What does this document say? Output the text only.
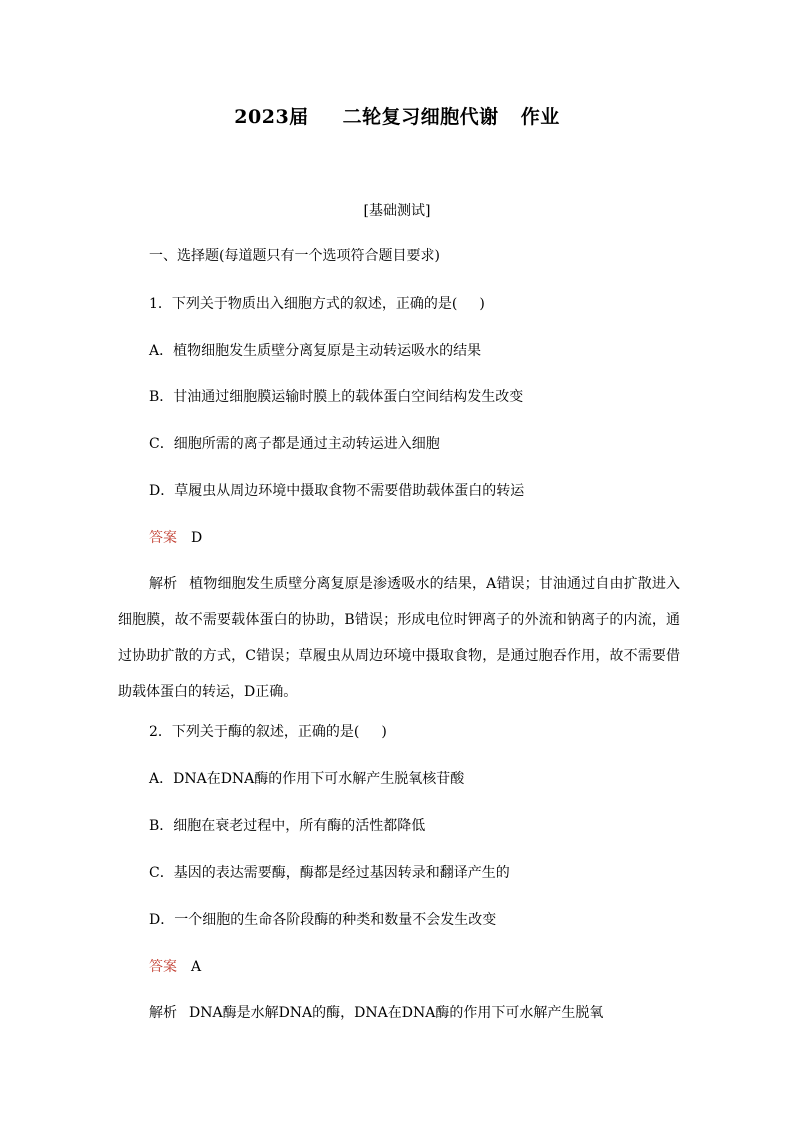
2023届 二轮复习细胞代谢 作业
[基础测试]
一、选择题(每道题只有一个选项符合题目要求)
1．下列关于物质出入细胞方式的叙述，正确的是( )
A．植物细胞发生质壁分离复原是主动转运吸水的结果
B．甘油通过细胞膜运输时膜上的载体蛋白空间结构发生改变
C．细胞所需的离子都是通过主动转运进入细胞
D．草履虫从周边环境中摄取食物不需要借助载体蛋白的转运
答案 D
解析 植物细胞发生质壁分离复原是渗透吸水的结果，A错误；甘油通过自由扩散进入细胞膜，故不需要载体蛋白的协助，B错误；形成电位时钾离子的外流和钠离子的内流，通过协助扩散的方式，C错误；草履虫从周边环境中摄取食物，是通过胞吞作用，故不需要借助载体蛋白的转运，D正确。
2．下列关于酶的叙述，正确的是( )
A．DNA在DNA酶的作用下可水解产生脱氧核苷酸
B．细胞在衰老过程中，所有酶的活性都降低
C．基因的表达需要酶，酶都是经过基因转录和翻译产生的
D．一个细胞的生命各阶段酶的种类和数量不会发生改变
答案 A
解析 DNA酶是水解DNA的酶，DNA在DNA酶的作用下可水解产生脱氧
